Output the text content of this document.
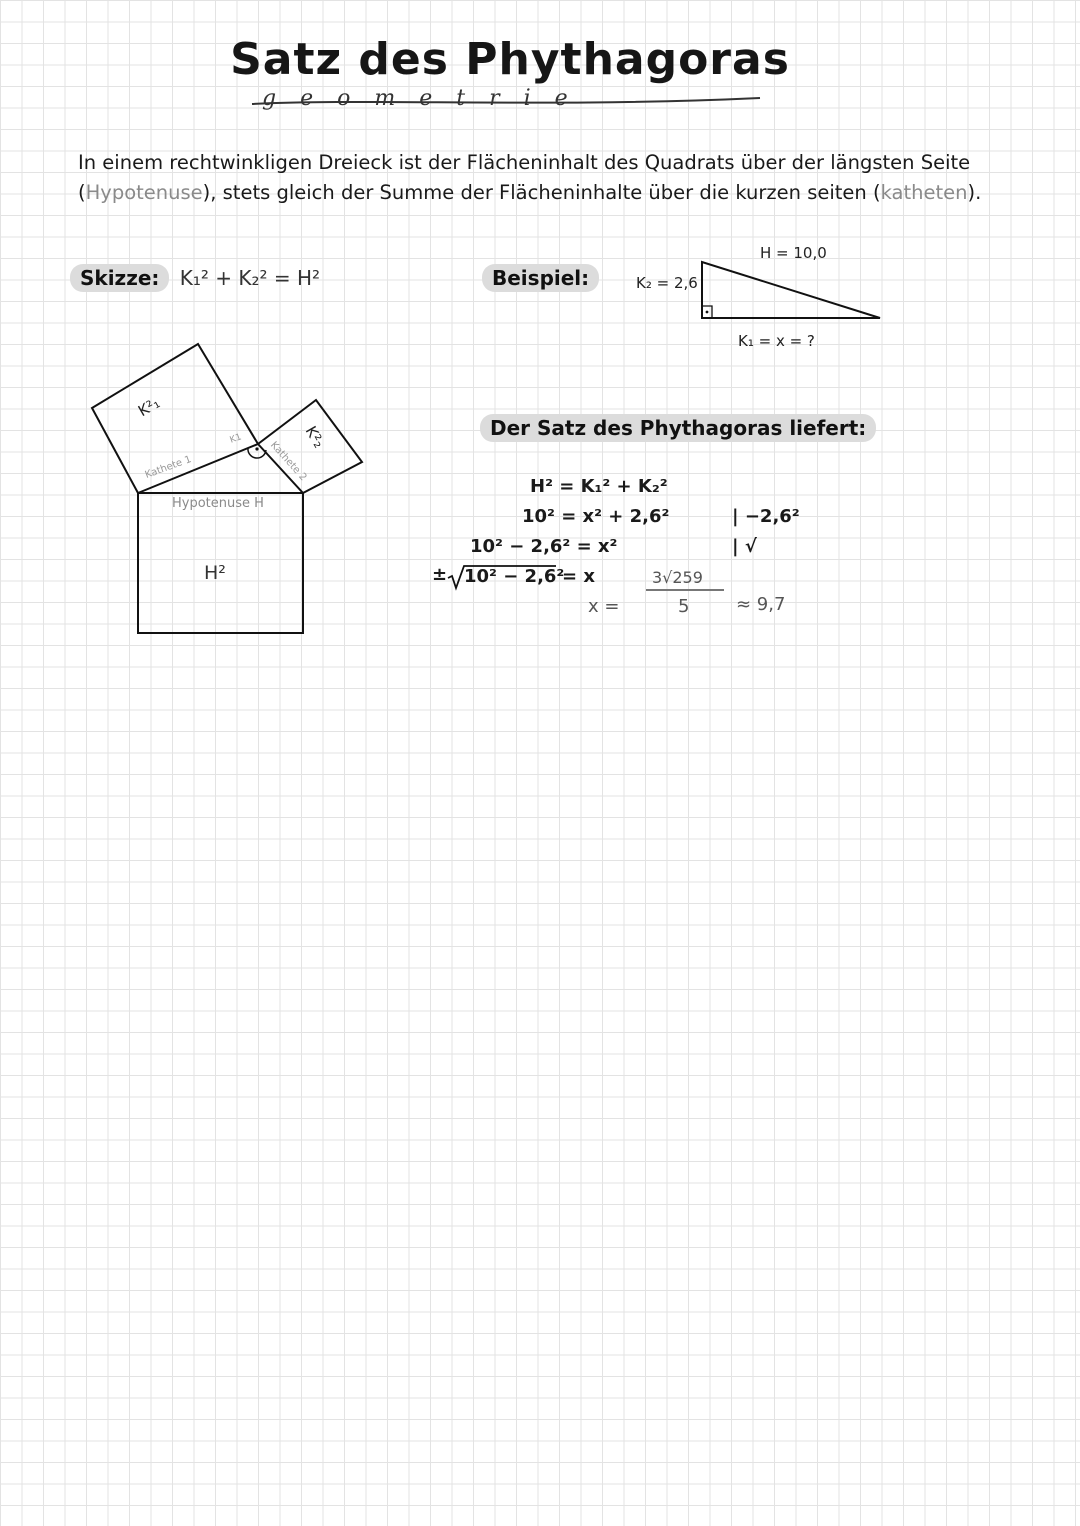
Satz des Phythagoras
geometrie
In einem rechtwinkligen Dreieck ist der Flächeninhalt des Quadrats über der längsten Seite (Hypotenuse), stets gleich der Summe der Flächeninhalte über die kurzen seiten (katheten).
Skizze: K₁² + K₂² = H²
K²₁
K²₂
Kathete 1
K1
Kathete 2
Hypotenuse H
H²
Beispiel:
H = 10,0
K₂ = 2,6
K₁ = x = ?
Der Satz des Phythagoras liefert:
H² = K₁² + K₂²
10² = x² + 2,6²	| −2,6²
10² − 2,6² = x²	| √
± 10² − 2,6²
= x
x =
3√259
5	≈ 9,7
